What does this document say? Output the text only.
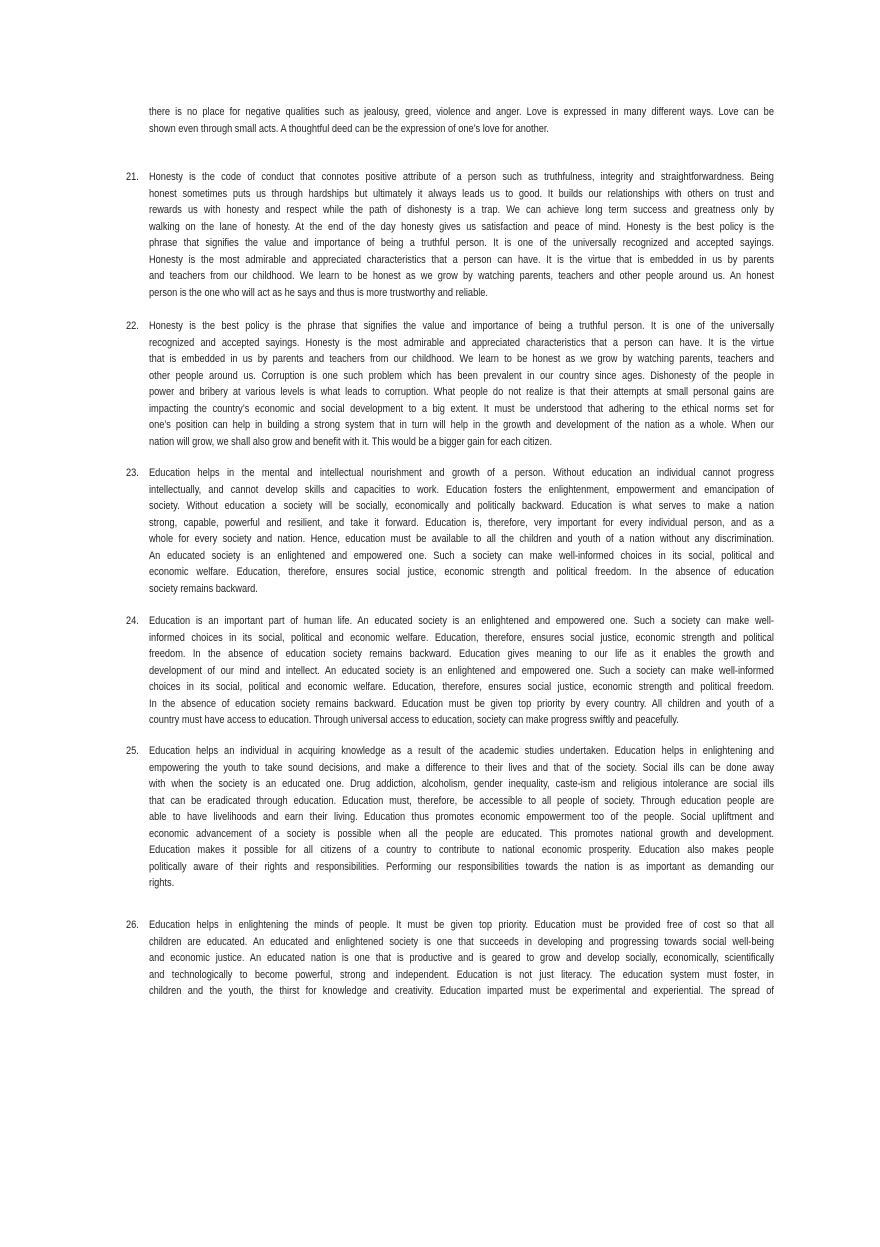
there is no place for negative qualities such as jealousy, greed, violence and anger. Love is expressed in many different ways. Love can be
shown even through small acts. A thoughtful deed can be the expression of one’s love for another.
21. Honesty is the code of conduct that connotes positive attribute of a person such as truthfulness, integrity and straightforwardness. Being
honest sometimes puts us through hardships but ultimately it always leads us to good. It builds our relationships with others on trust and
rewards us with honesty and respect while the path of dishonesty is a trap. We can achieve long term success and greatness only by
walking on the lane of honesty. At the end of the day honesty gives us satisfaction and peace of mind. Honesty is the best policy is the
phrase that signifies the value and importance of being a truthful person. It is one of the universally recognized and accepted sayings.
Honesty is the most admirable and appreciated characteristics that a person can have. It is the virtue that is embedded in us by parents
and teachers from our childhood. We learn to be honest as we grow by watching parents, teachers and other people around us. An honest
person is the one who will act as he says and thus is more trustworthy and reliable.
22. Honesty is the best policy is the phrase that signifies the value and importance of being a truthful person. It is one of the universally
recognized and accepted sayings. Honesty is the most admirable and appreciated characteristics that a person can have. It is the virtue
that is embedded in us by parents and teachers from our childhood. We learn to be honest as we grow by watching parents, teachers and
other people around us. Corruption is one such problem which has been prevalent in our country since ages. Dishonesty of the people in
power and bribery at various levels is what leads to corruption. What people do not realize is that their attempts at small personal gains are
impacting the country’s economic and social development to a big extent. It must be understood that adhering to the ethical norms set for
one’s position can help in building a strong system that in turn will help in the growth and development of the nation as a whole. When our
nation will grow, we shall also grow and benefit with it. This would be a bigger gain for each citizen.
23. Education helps in the mental and intellectual nourishment and growth of a person. Without education an individual cannot progress
intellectually, and cannot develop skills and capacities to work. Education fosters the enlightenment, empowerment and emancipation of
society. Without education a society will be socially, economically and politically backward. Education is what serves to make a nation
strong, capable, powerful and resilient, and take it forward. Education is, therefore, very important for every individual person, and as a
whole for every society and nation. Hence, education must be available to all the children and youth of a nation without any discrimination.
An educated society is an enlightened and empowered one. Such a society can make well-informed choices in its social, political and
economic welfare. Education, therefore, ensures social justice, economic strength and political freedom. In the absence of education
society remains backward.
24. Education is an important part of human life. An educated society is an enlightened and empowered one. Such a society can make well-
informed choices in its social, political and economic welfare. Education, therefore, ensures social justice, economic strength and political
freedom. In the absence of education society remains backward. Education gives meaning to our life as it enables the growth and
development of our mind and intellect. An educated society is an enlightened and empowered one. Such a society can make well-informed
choices in its social, political and economic welfare. Education, therefore, ensures social justice, economic strength and political freedom.
In the absence of education society remains backward. Education must be given top priority by every country. All children and youth of a
country must have access to education. Through universal access to education, society can make progress swiftly and peacefully.
25. Education helps an individual in acquiring knowledge as a result of the academic studies undertaken. Education helps in enlightening and
empowering the youth to take sound decisions, and make a difference to their lives and that of the society. Social ills can be done away
with when the society is an educated one. Drug addiction, alcoholism, gender inequality, caste-ism and religious intolerance are social ills
that can be eradicated through education. Education must, therefore, be accessible to all people of society. Through education people are
able to have livelihoods and earn their living. Education thus promotes economic empowerment too of the people. Social upliftment and
economic advancement of a society is possible when all the people are educated. This promotes national growth and development.
Education makes it possible for all citizens of a country to contribute to national economic prosperity. Education also makes people
politically aware of their rights and responsibilities. Performing our responsibilities towards the nation is as important as demanding our
rights.
26. Education helps in enlightening the minds of people. It must be given top priority. Education must be provided free of cost so that all
children are educated. An educated and enlightened society is one that succeeds in developing and progressing towards social well-being
and economic justice. An educated nation is one that is productive and is geared to grow and develop socially, economically, scientifically
and technologically to become powerful, strong and independent. Education is not just literacy. The education system must foster, in
children and the youth, the thirst for knowledge and creativity. Education imparted must be experimental and experiential. The spread of
